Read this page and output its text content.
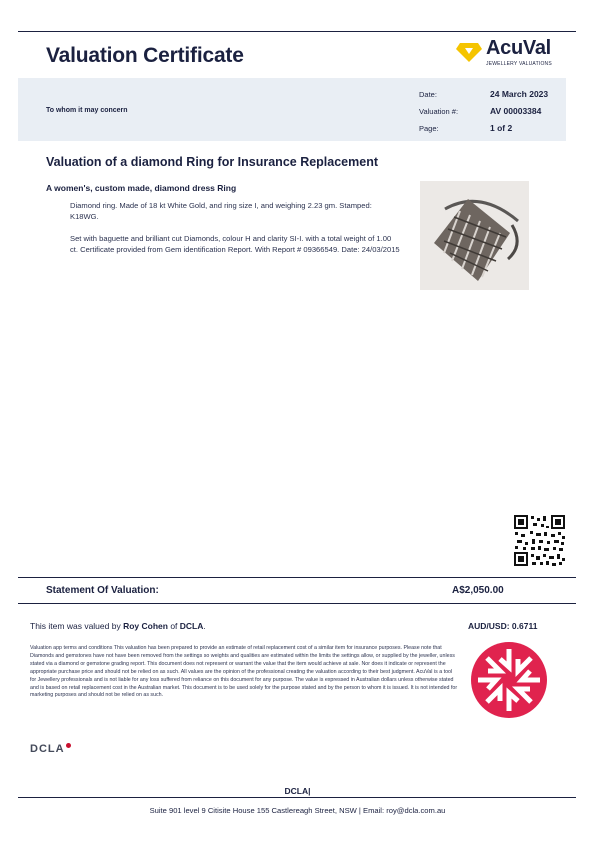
Valuation Certificate	AcuVal
JEWELLERY VALUATIONS
To whom it may concern
Date:	24 March 2023
Valuation #:	AV 00003384
Page:	1 of 2
Valuation of a diamond Ring for Insurance Replacement
A women's, custom made, diamond dress Ring
Diamond ring. Made of 18 kt White Gold, and ring size I, and weighing 2.23 gm. Stamped: K18WG.
Set with baguette and brilliant cut Diamonds, colour H and clarity SI-I. with a total weight of 1.00 ct. Certificate provided from Gem identification Report. With Report # 09366549. Date: 24/03/2015
Statement Of Valuation:	A$2,050.00
This item was valued by Roy Cohen of DCLA.	AUD/USD: 0.6711
Valuation app terms and conditions This valuation has been prepared to provide an estimate of retail replacement cost of a similar item for insurance purposes. Please note that Diamonds and gemstones have not have been removed from the settings so weights and qualities are estimated within the limits the settings allow, or supplied by the jeweller, unless stated via a diamond or gemstone grading report. This document does not represent or warrant the value that the item would achieve at sale. Nor does it indicate or represent the appropriate purchase price and should not be relied on as such. All values are the opinion of the professional creating the valuation according to their best judgment. AcuVal is a tool for Jewellery professionals and is not liable for any loss suffered from reliance on this document for any purpose. The value is expressed in Australian dollars unless otherwise stated and is based on retail replacement cost in the Australian market. This document is to be used solely for the purpose stated and by the person to whom it is issued. It is not intended for marketing purposes and should not be relied on as such.
DCLA
DCLA|
Suite 901 level 9 Citisite House 155 Castlereagh Street, NSW | Email: roy@dcla.com.au
